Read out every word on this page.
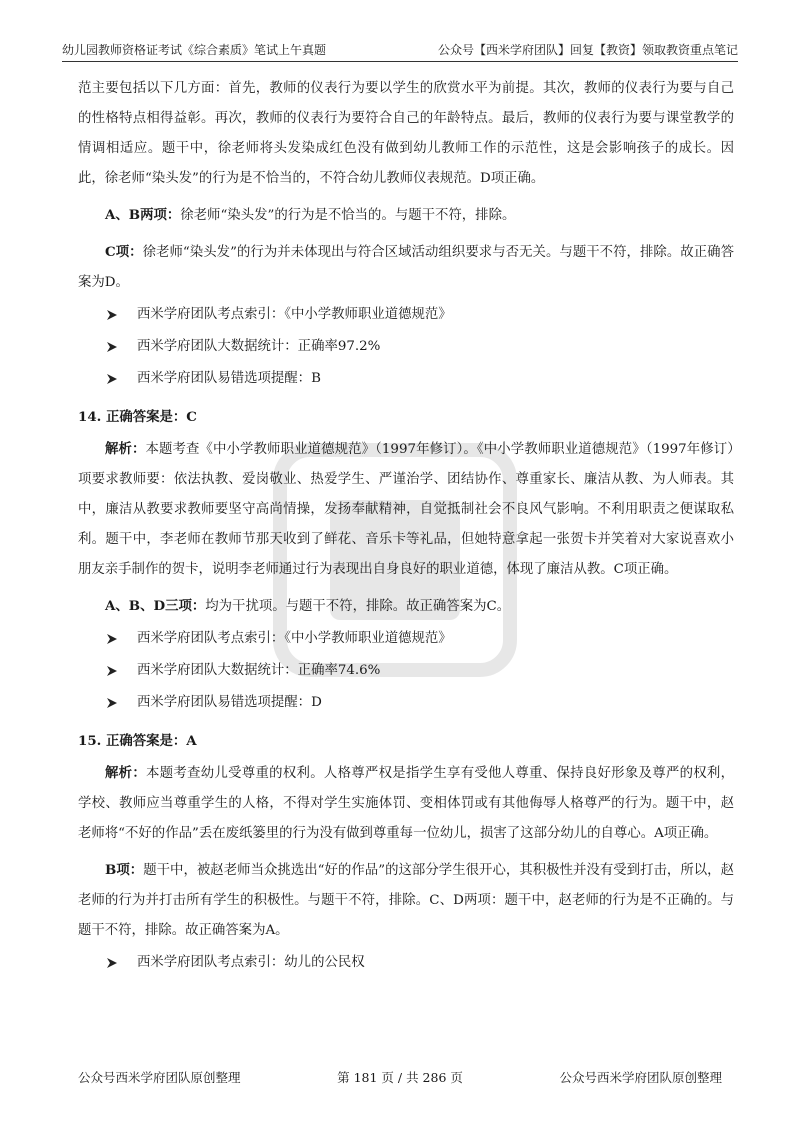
幼儿园教师资格证考试《综合素质》笔试上午真题	公众号【西米学府团队】回复【教资】领取教资重点笔记

范主要包括以下几方面：首先，教师的仪表行为要以学生的欣赏水平为前提。其次，教师的仪表行为要与自己的性格特点相得益彰。再次，教师的仪表行为要符合自己的年龄特点。最后，教师的仪表行为要与课堂教学的情调相适应。题干中，徐老师将头发染成红色没有做到幼儿教师工作的示范性，这是会影响孩子的成长。因此，徐老师“染头发”的行为是不恰当的，不符合幼儿教师仪表规范。D项正确。

A、B两项：徐老师“染头发”的行为是不恰当的。与题干不符，排除。

C项：徐老师“染头发”的行为并未体现出与符合区域活动组织要求与否无关。与题干不符，排除。故正确答案为D。

西米学府团队考点索引：《中小学教师职业道德规范》
西米学府团队大数据统计：正确率97.2%
西米学府团队易错选项提醒：B

14. 正确答案是：C

解析：本题考查《中小学教师职业道德规范》（1997年修订）。《中小学教师职业道德规范》（1997年修订）项要求教师要：依法执教、爱岗敬业、热爱学生、严谨治学、团结协作、尊重家长、廉洁从教、为人师表。其中，廉洁从教要求教师要坚守高尚情操，发扬奉献精神，自觉抵制社会不良风气影响。不利用职责之便谋取私利。题干中，李老师在教师节那天收到了鲜花、音乐卡等礼品，但她特意拿起一张贺卡并笑着对大家说喜欢小朋友亲手制作的贺卡，说明李老师通过行为表现出自身良好的职业道德，体现了廉洁从教。C项正确。

A、B、D三项：均为干扰项。与题干不符，排除。故正确答案为C。

西米学府团队考点索引：《中小学教师职业道德规范》
西米学府团队大数据统计：正确率74.6%
西米学府团队易错选项提醒：D

15. 正确答案是：A

解析：本题考查幼儿受尊重的权利。人格尊严权是指学生享有受他人尊重、保持良好形象及尊严的权利，学校、教师应当尊重学生的人格，不得对学生实施体罚、变相体罚或有其他侮辱人格尊严的行为。题干中，赵老师将“不好的作品”丢在废纸篓里的行为没有做到尊重每一位幼儿，损害了这部分幼儿的自尊心。A项正确。

B项：题干中，被赵老师当众挑选出“好的作品”的这部分学生很开心，其积极性并没有受到打击，所以，赵老师的行为并打击所有学生的积极性。与题干不符，排除。C、D两项：题干中，赵老师的行为是不正确的。与题干不符，排除。故正确答案为A。

西米学府团队考点索引：幼儿的公民权
公众号西米学府团队原创整理	第 181 页 / 共 286 页	公众号西米学府团队原创整理
